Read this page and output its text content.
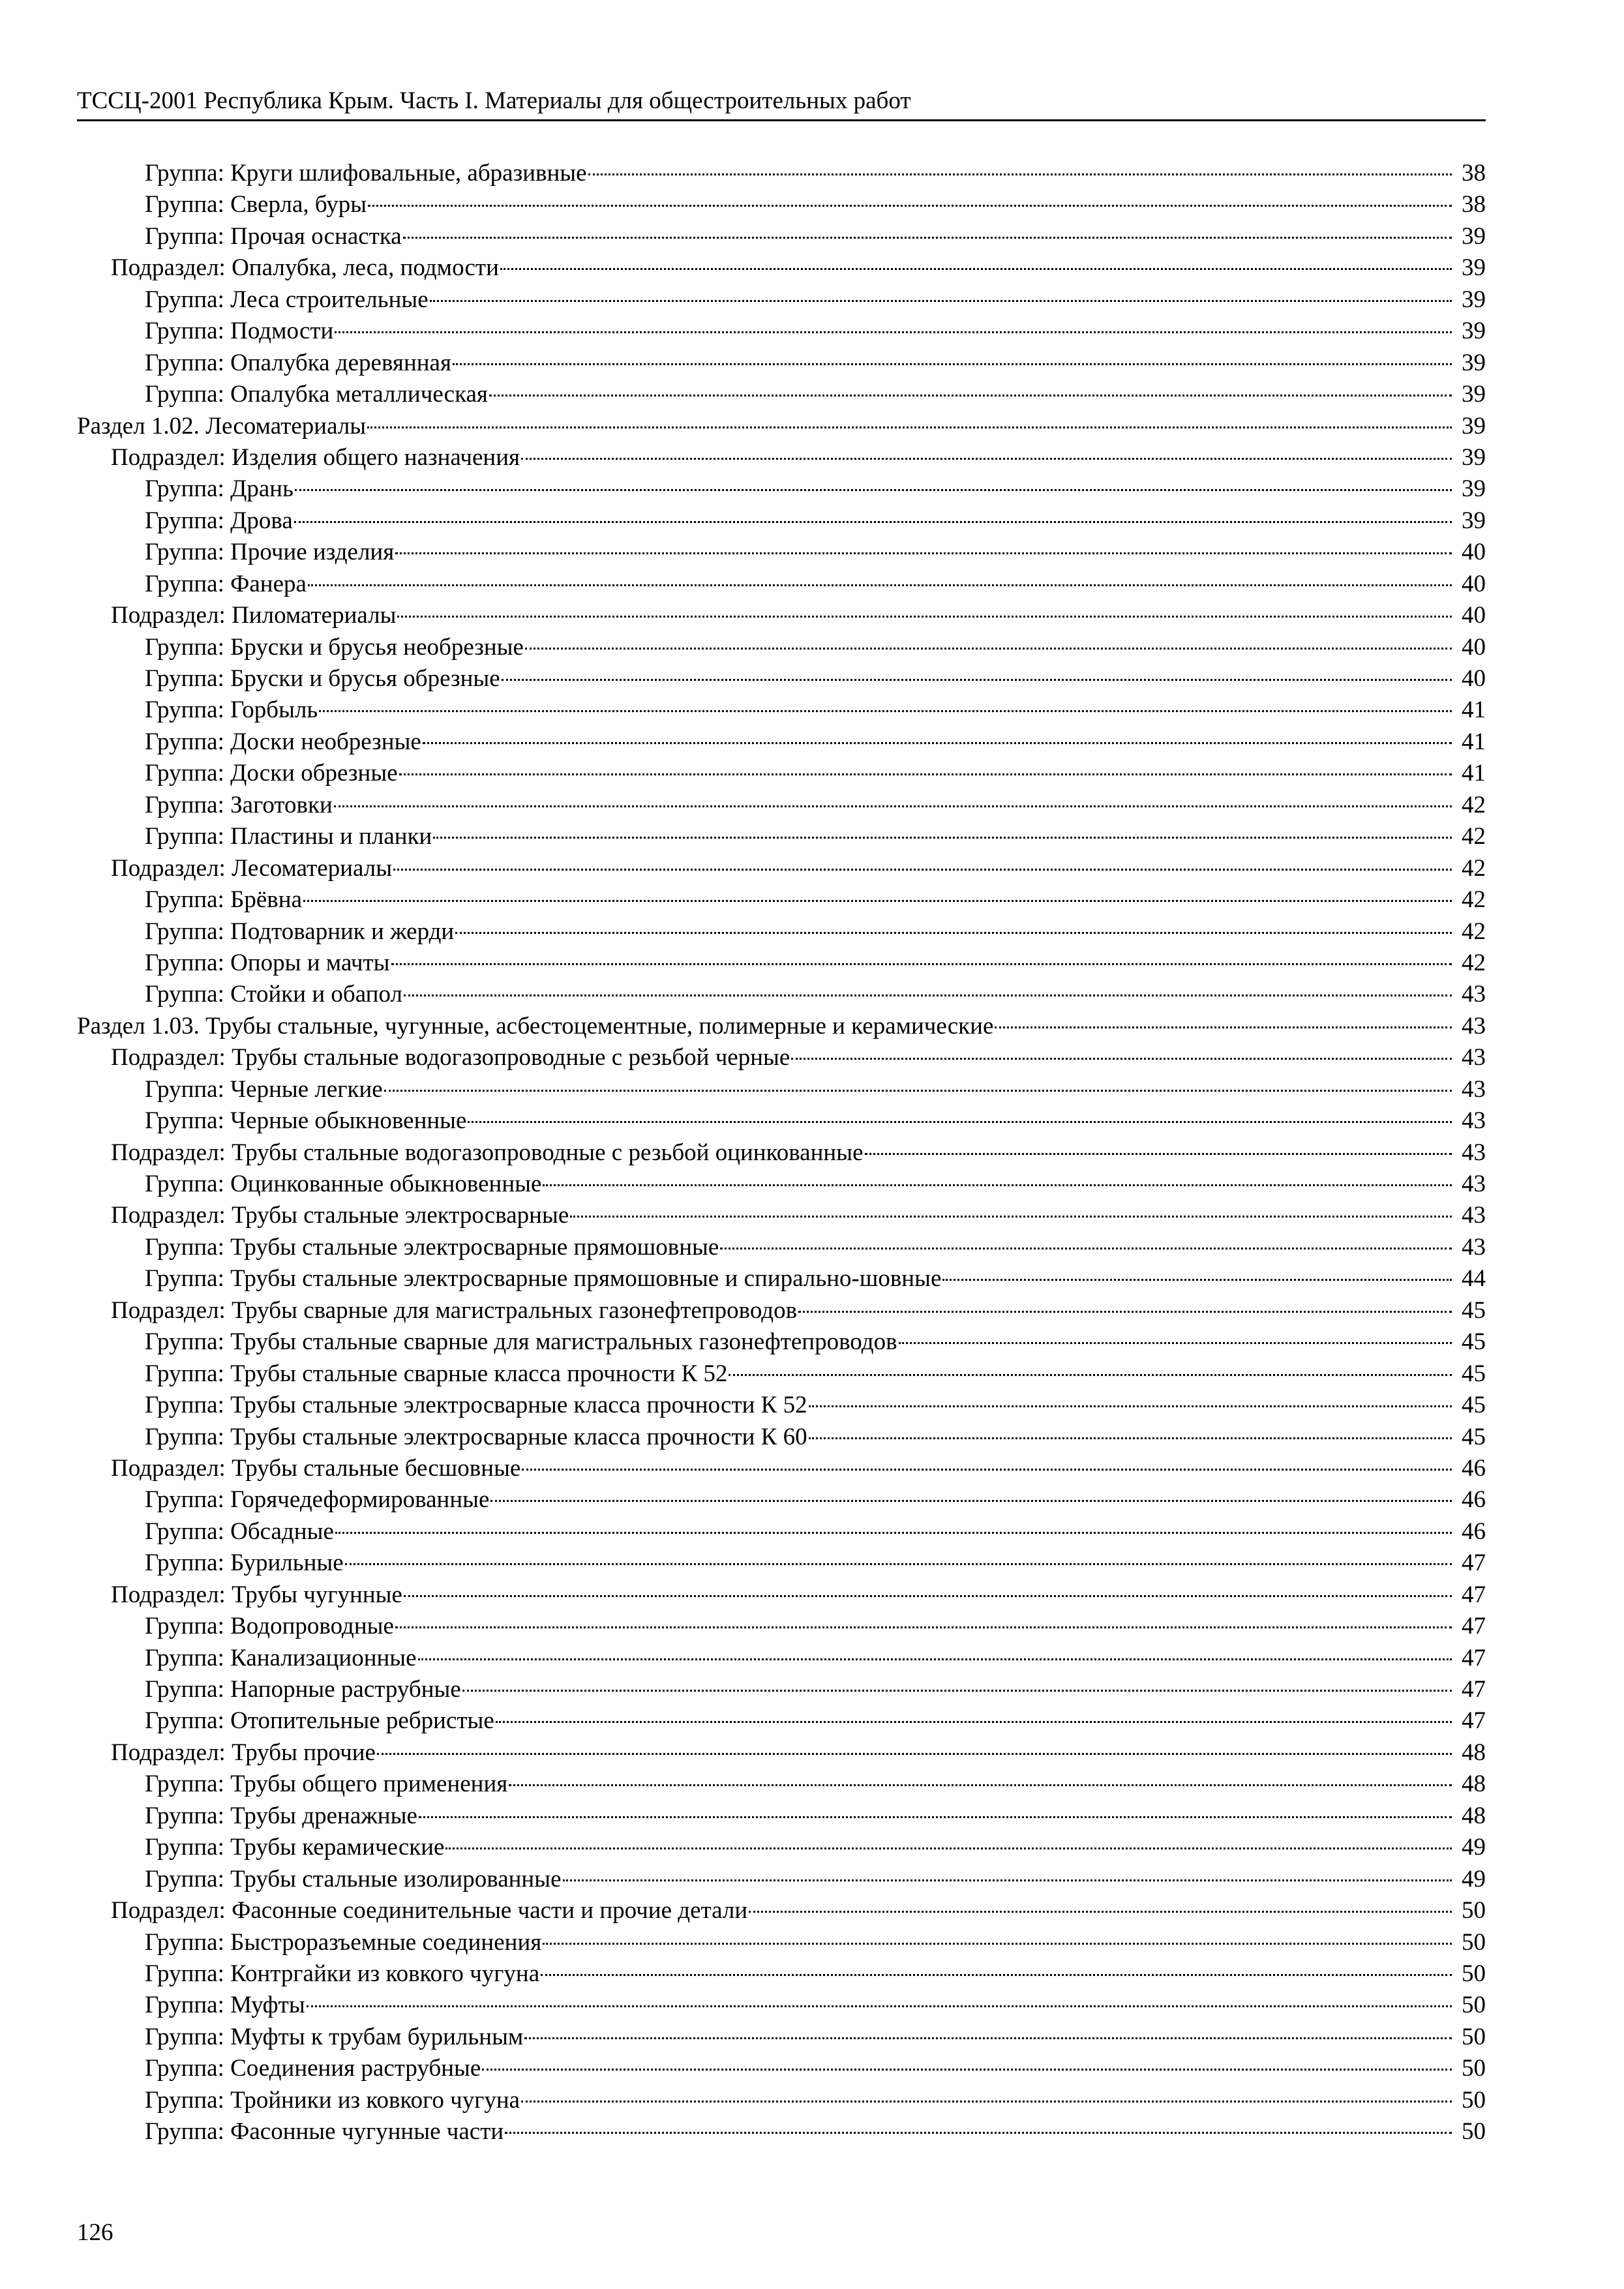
ТССЦ-2001 Республика Крым. Часть I. Материалы для общестроительных работ
Группа: Круги шлифовальные, абразивные	38
Группа: Сверла, буры	38
Группа: Прочая оснастка	39
Подраздел: Опалубка, леса, подмости	39
Группа: Леса строительные	39
Группа: Подмости	39
Группа: Опалубка деревянная	39
Группа: Опалубка металлическая	39
Раздел 1.02. Лесоматериалы	39
Подраздел: Изделия общего назначения	39
Группа: Дрань	39
Группа: Дрова	39
Группа: Прочие изделия	40
Группа: Фанера	40
Подраздел: Пиломатериалы	40
Группа: Бруски и брусья необрезные	40
Группа: Бруски и брусья обрезные	40
Группа: Горбыль	41
Группа: Доски необрезные	41
Группа: Доски обрезные	41
Группа: Заготовки	42
Группа: Пластины и планки	42
Подраздел: Лесоматериалы	42
Группа: Брёвна	42
Группа: Подтоварник и жерди	42
Группа: Опоры и мачты	42
Группа: Стойки и обапол	43
Раздел 1.03. Трубы стальные, чугунные, асбестоцементные, полимерные и керамические	43
Подраздел: Трубы стальные водогазопроводные с резьбой черные	43
Группа: Черные легкие	43
Группа: Черные обыкновенные	43
Подраздел: Трубы стальные водогазопроводные с резьбой оцинкованные	43
Группа: Оцинкованные обыкновенные	43
Подраздел: Трубы стальные электросварные	43
Группа: Трубы стальные электросварные прямошовные	43
Группа: Трубы стальные электросварные прямошовные и спирально-шовные	44
Подраздел: Трубы сварные для магистральных газонефтепроводов	45
Группа: Трубы стальные сварные для магистральных газонефтепроводов	45
Группа: Трубы стальные сварные класса прочности К 52	45
Группа: Трубы стальные электросварные класса прочности К 52	45
Группа: Трубы стальные электросварные класса прочности К 60	45
Подраздел: Трубы стальные бесшовные	46
Группа: Горячедеформированные	46
Группа: Обсадные	46
Группа: Бурильные	47
Подраздел: Трубы чугунные	47
Группа: Водопроводные	47
Группа: Канализационные	47
Группа: Напорные раструбные	47
Группа: Отопительные ребристые	47
Подраздел: Трубы прочие	48
Группа: Трубы общего применения	48
Группа: Трубы дренажные	48
Группа: Трубы керамические	49
Группа: Трубы стальные изолированные	49
Подраздел: Фасонные соединительные части и прочие детали	50
Группа: Быстроразъемные соединения	50
Группа: Контргайки из ковкого чугуна	50
Группа: Муфты	50
Группа: Муфты к трубам бурильным	50
Группа: Соединения раструбные	50
Группа: Тройники из ковкого чугуна	50
Группа: Фасонные чугунные части	50
126
